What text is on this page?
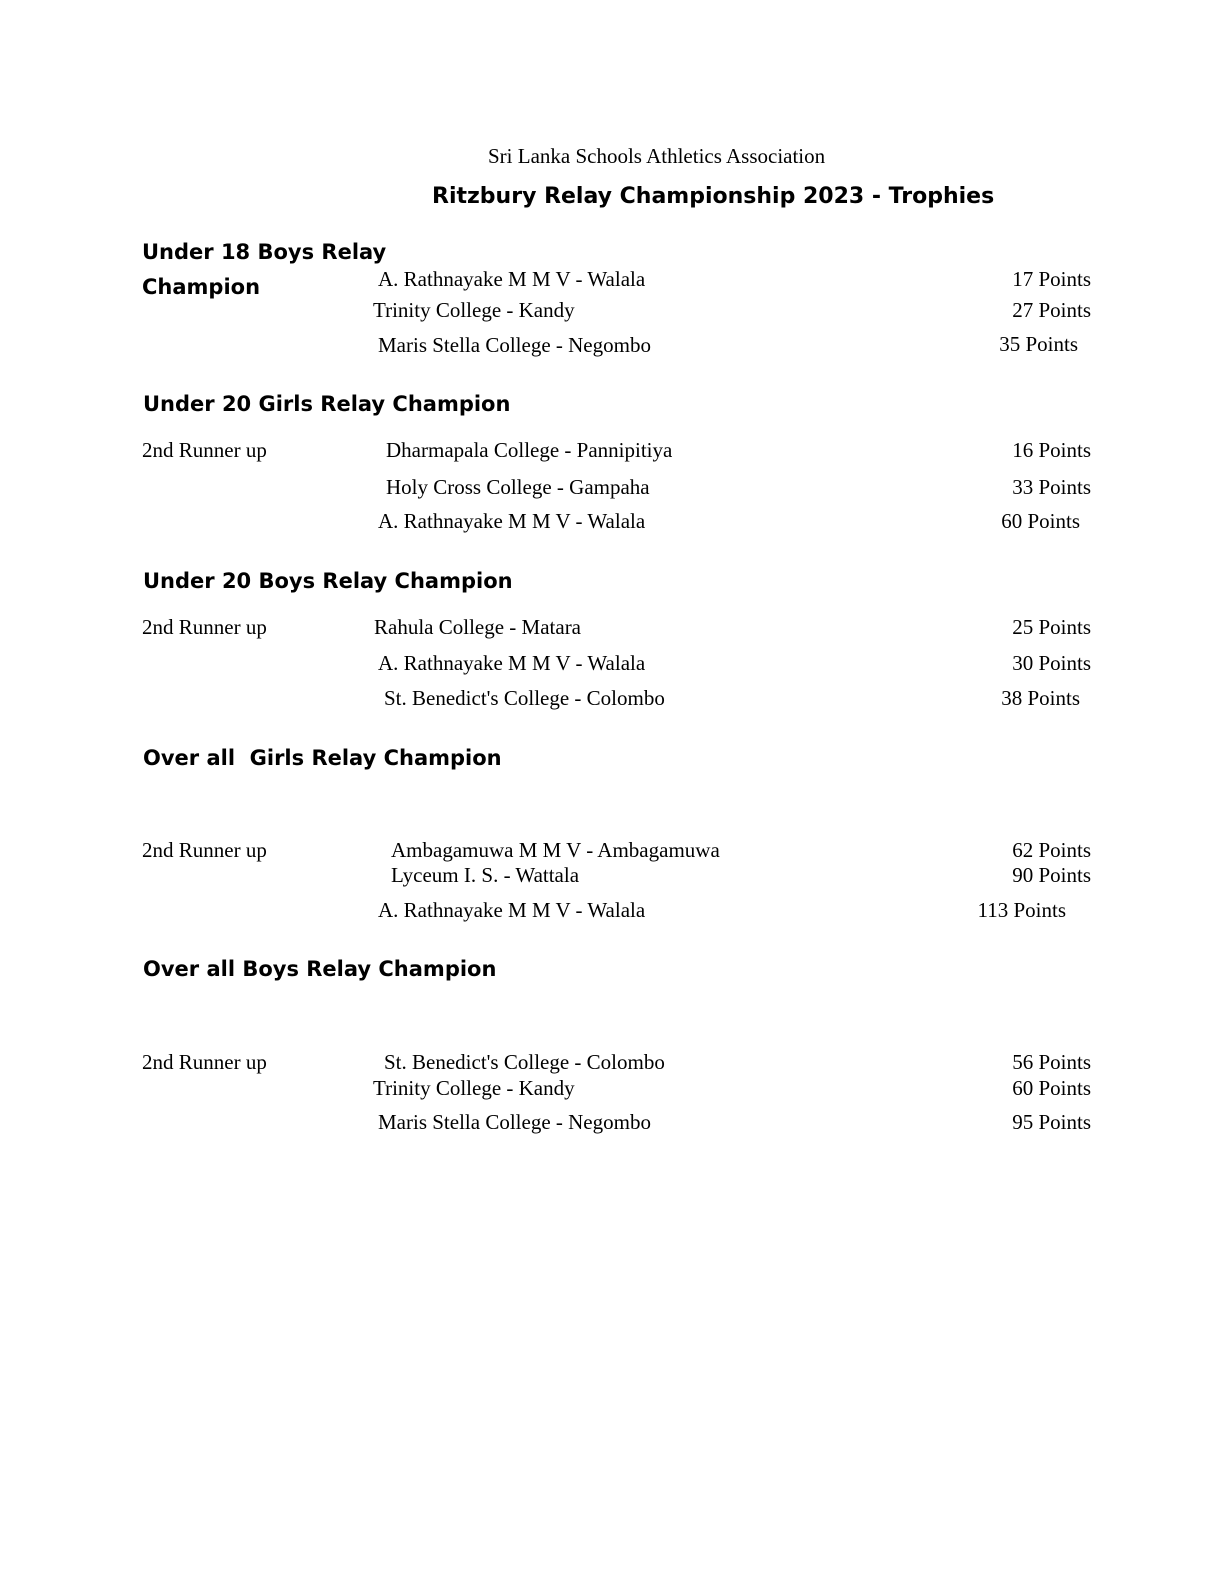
Sri Lanka Schools Athletics Association
Ritzbury Relay Championship 2023 - Trophies
Under 18 Boys Relay
Champion	A. Rathnayake M M V - Walala	17 Points
Trinity College - Kandy	27 Points
Maris Stella College - Negombo	35 Points
Under 20 Girls Relay Champion
2nd Runner up	Dharmapala College - Pannipitiya	16 Points
Holy Cross College - Gampaha	33 Points
A. Rathnayake M M V - Walala	60 Points
Under 20 Boys Relay Champion
2nd Runner up	Rahula College - Matara	25 Points
A. Rathnayake M M V - Walala	30 Points
St. Benedict's College - Colombo	38 Points
Over all  Girls Relay Champion
2nd Runner up	Ambagamuwa M M V - Ambagamuwa	62 Points
Lyceum I. S. - Wattala	90 Points
A. Rathnayake M M V - Walala	113 Points
Over all Boys Relay Champion
2nd Runner up	St. Benedict's College - Colombo	56 Points
Trinity College - Kandy	60 Points
Maris Stella College - Negombo	95 Points
